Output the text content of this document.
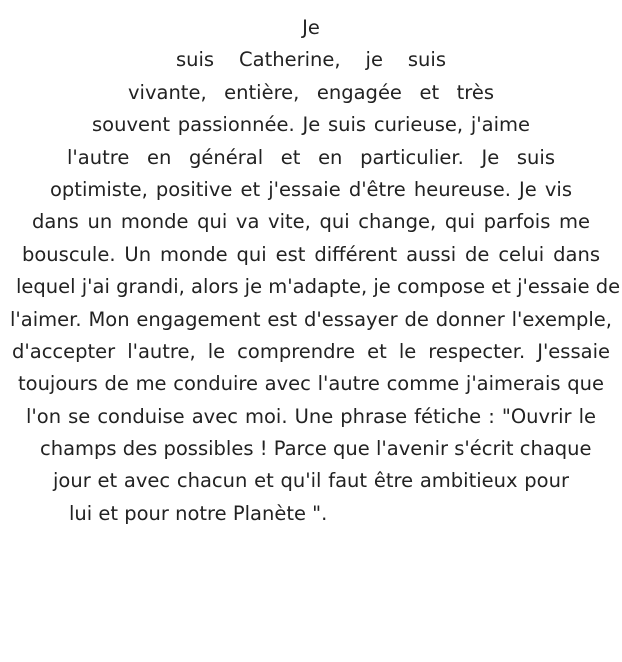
Je
suis Catherine, je suis
vivante, entière, engagée et très
souvent passionnée. Je suis curieuse, j'aime
l'autre en général et en particulier. Je suis
optimiste, positive et j'essaie d'être heureuse. Je vis
dans un monde qui va vite, qui change, qui parfois me
bouscule. Un monde qui est différent aussi de celui dans
lequel j'ai grandi, alors je m'adapte, je compose et j'essaie de
l'aimer. Mon engagement est d'essayer de donner l'exemple,
d'accepter l'autre, le comprendre et le respecter. J'essaie
toujours de me conduire avec l'autre comme j'aimerais que
l'on se conduise avec moi. Une phrase fétiche : "Ouvrir le
champs des possibles ! Parce que l'avenir s'écrit chaque
jour et avec chacun et qu'il faut être ambitieux pour
lui et pour notre Planète ".
